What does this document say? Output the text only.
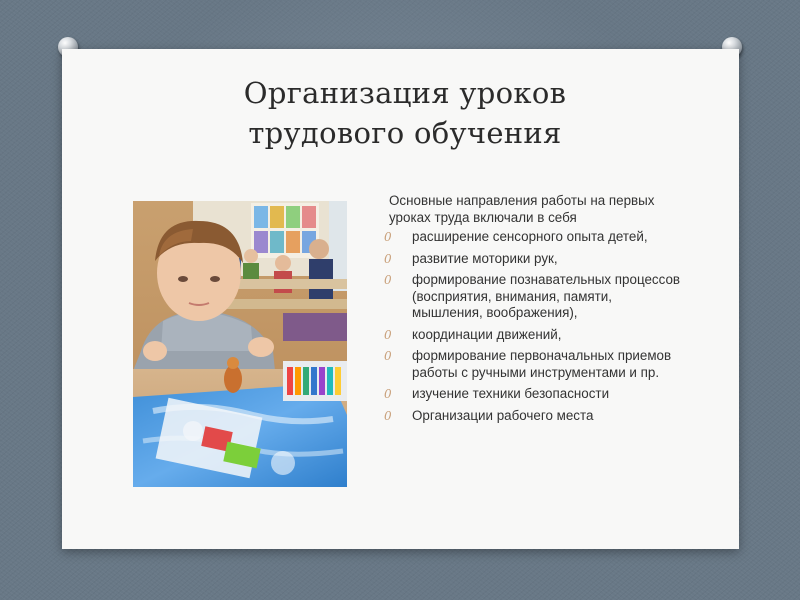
Организация уроков
трудового обучения
Основные направления работы на первых уроках труда включали в себя
0 расширение сенсорного опыта детей,
0 развитие моторики рук,
0 формирование познавательных процессов (восприятия, внимания, памяти, мышления, воображения),
0 координации движений,
0 формирование первоначальных приемов работы с ручными инструментами и пр.
0 изучение техники безопасности
0 Организации рабочего места
